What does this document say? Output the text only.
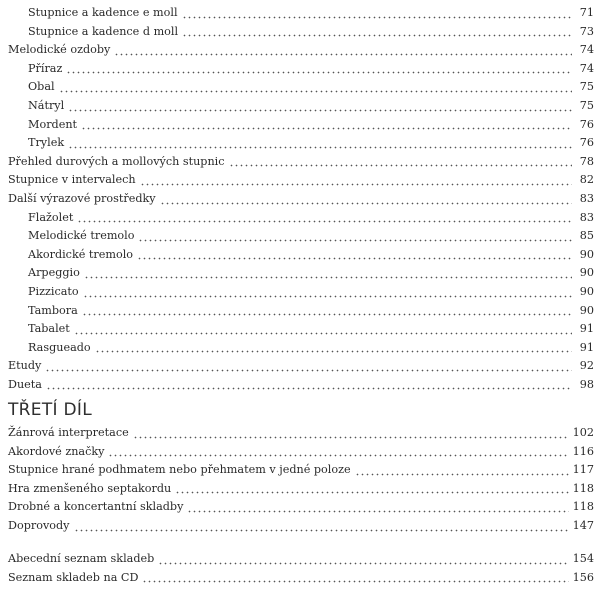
Stupnice a kadence e moll	71
Stupnice a kadence d moll	73
Melodické ozdoby	74
Příraz	74
Obal	75
Nátryl	75
Mordent	76
Trylek	76
Přehled durových a mollových stupnic	78
Stupnice v intervalech	82
Další výrazové prostředky	83
Flažolet	83
Melodické tremolo	85
Akordické tremolo	90
Arpeggio	90
Pizzicato	90
Tambora	90
Tabalet	91
Rasgueado	91
Etudy	92
Dueta	98
TŘETÍ DÍL
Žánrová interpretace	102
Akordové značky	116
Stupnice hrané podhmatem nebo přehmatem v jedné poloze	117
Hra zmenšeného septakordu	118
Drobné a koncertantní skladby	118
Doprovody	147
Abecední seznam skladeb	154
Seznam skladeb na CD	156
